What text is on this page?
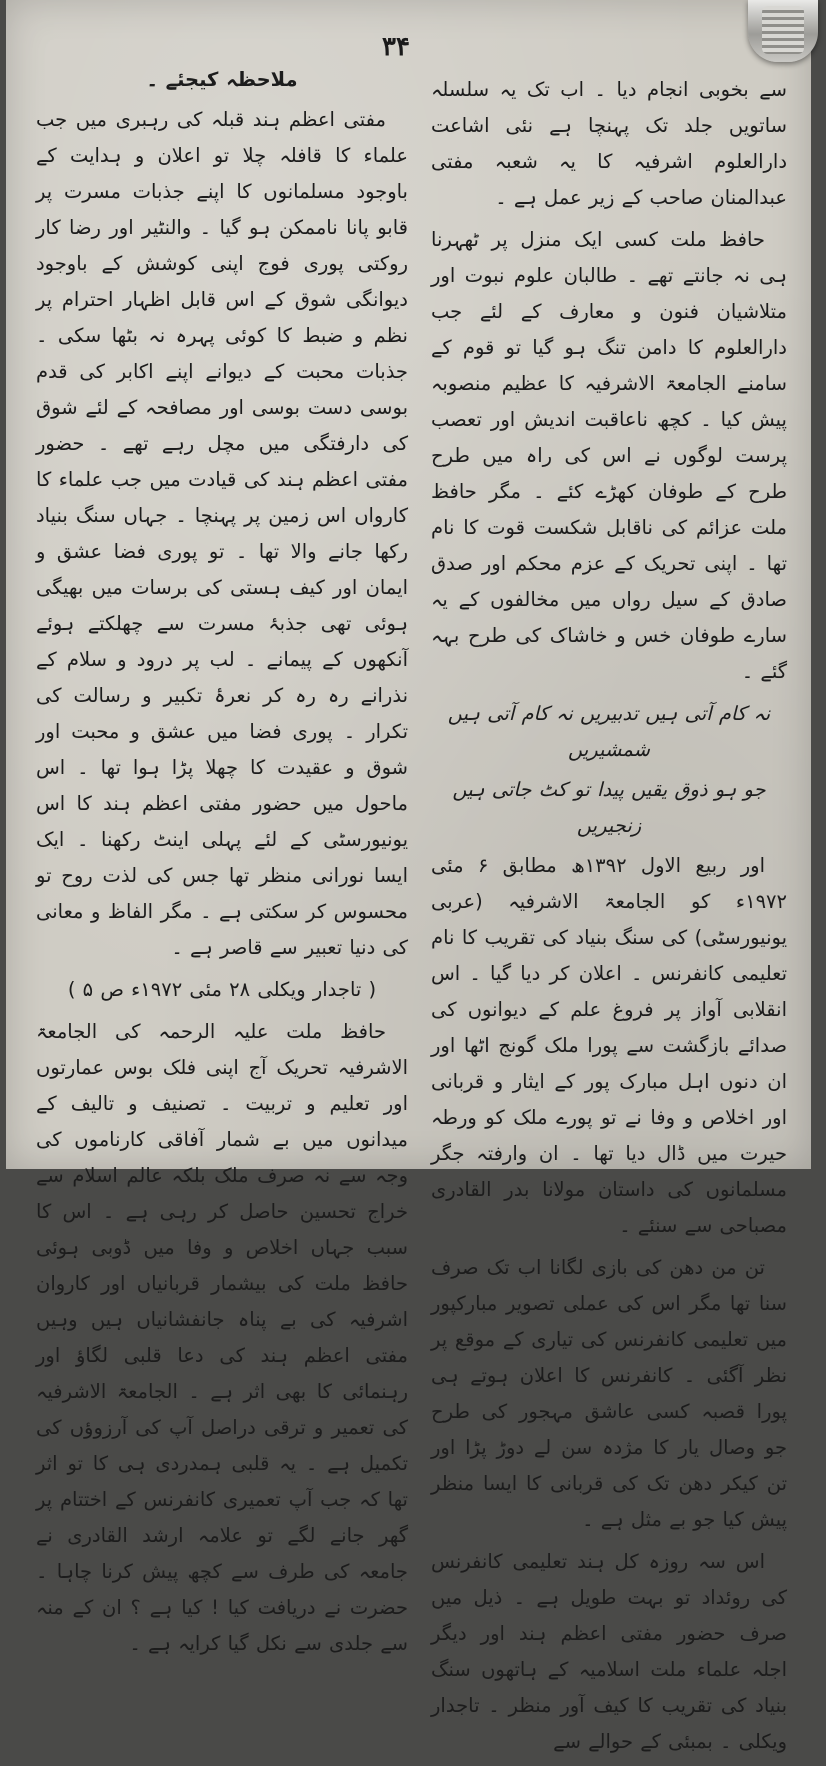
۳۴

سے بخوبی انجام دیا ۔ اب تک یہ سلسلہ ساتویں جلد تک پہنچا ہے نئی اشاعت دارالعلوم اشرفیہ کا یہ شعبہ مفتی عبدالمنان صاحب کے زیر عمل ہے ۔

حافظ ملت کسی ایک منزل پر ٹھہرنا ہی نہ جانتے تھے ۔ طالبان علوم نبوت اور متلاشیان فنون و معارف کے لئے جب دارالعلوم کا دامن تنگ ہو گیا تو قوم کے سامنے الجامعۃ الاشرفیہ کا عظیم منصوبہ پیش کیا ۔ کچھ ناعاقبت اندیش اور تعصب پرست لوگوں نے اس کی راہ میں طرح طرح کے طوفان کھڑے کئے ۔ مگر حافظ ملت عزائم کی ناقابل شکست قوت کا نام تھا ۔ اپنی تحریک کے عزم محکم اور صدق صادق کے سیل رواں میں مخالفوں کے یہ سارے طوفان خس و خاشاک کی طرح بہہ گئے ۔

نہ کام آتی ہیں تدبیریں نہ کام آتی ہیں شمشیریں

جو ہو ذوق یقیں پیدا تو کٹ جاتی ہیں زنجیریں

اور ربیع الاول ۱۳۹۲ھ مطابق ۶ مئی ۱۹۷۲ء کو الجامعۃ الاشرفیہ (عربی یونیورسٹی) کی سنگ بنیاد کی تقریب کا نام تعلیمی کانفرنس ۔ اعلان کر دیا گیا ۔ اس انقلابی آواز پر فروغ علم کے دیوانوں کی صدائے بازگشت سے پورا ملک گونج اٹھا اور ان دنوں اہل مبارک پور کے ایثار و قربانی اور اخلاص و وفا نے تو پورے ملک کو ورطہ حیرت میں ڈال دیا تھا ۔ ان وارفتہ جگر مسلمانوں کی داستان مولانا بدر القادری مصباحی سے سنئے ۔

تن من دھن کی بازی لگانا اب تک صرف سنا تھا مگر اس کی عملی تصویر مبارکپور میں تعلیمی کانفرنس کی تیاری کے موقع پر نظر آگئی ۔ کانفرنس کا اعلان ہوتے ہی پورا قصبہ کسی عاشق مہجور کی طرح جو وصال یار کا مژدہ سن لے دوڑ پڑا اور تن کیکر دھن تک کی قربانی کا ایسا منظر پیش کیا جو بے مثل ہے ۔

اس سہ روزہ کل ہند تعلیمی کانفرنس کی روئداد تو بہت طویل ہے ۔ ذیل میں صرف حضور مفتی اعظم ہند اور دیگر اجلہ علماء ملت اسلامیہ کے ہاتھوں سنگ بنیاد کی تقریب کا کیف آور منظر ۔ تاجدار ویکلی ۔ بمبئی کے حوالے سے

ملاحظہ کیجئے ۔

مفتی اعظم ہند قبلہ کی رہبری میں جب علماء کا قافلہ چلا تو اعلان و ہدایت کے باوجود مسلمانوں کا اپنے جذبات مسرت پر قابو پانا ناممکن ہو گیا ۔ والنٹیر اور رضا کار روکتی پوری فوج اپنی کوشش کے باوجود دیوانگی شوق کے اس قابل اظہار احترام پر نظم و ضبط کا کوئی پہرہ نہ بٹھا سکی ۔ جذبات محبت کے دیوانے اپنے اکابر کی قدم بوسی دست بوسی اور مصافحہ کے لئے شوق کی دارفتگی میں مچل رہے تھے ۔ حضور مفتی اعظم ہند کی قیادت میں جب علماء کا کارواں اس زمین پر پہنچا ۔ جہاں سنگ بنیاد رکھا جانے والا تھا ۔ تو پوری فضا عشق و ایمان اور کیف ہستی کی برسات میں بھیگی ہوئی تھی جذبۂ مسرت سے چھلکتے ہوئے آنکھوں کے پیمانے ۔ لب پر درود و سلام کے نذرانے رہ رہ کر نعرۂ تکبیر و رسالت کی تکرار ۔ پوری فضا میں عشق و محبت اور شوق و عقیدت کا چھلا پڑا ہوا تھا ۔ اس ماحول میں حضور مفتی اعظم ہند کا اس یونیورسٹی کے لئے پہلی اینٹ رکھنا ۔ ایک ایسا نورانی منظر تھا جس کی لذت روح تو محسوس کر سکتی ہے ۔ مگر الفاظ و معانی کی دنیا تعبیر سے قاصر ہے ۔

( تاجدار ویکلی ۲۸ مئی ۱۹۷۲ء ص ۵ )

حافظ ملت علیہ الرحمہ کی الجامعۃ الاشرفیہ تحریک آج اپنی فلک بوس عمارتوں اور تعلیم و تربیت ۔ تصنیف و تالیف کے میدانوں میں بے شمار آفاقی کارناموں کی وجہ سے نہ صرف ملک بلکہ عالم اسلام سے خراج تحسین حاصل کر رہی ہے ۔ اس کا سبب جہاں اخلاص و وفا میں ڈوبی ہوئی حافظ ملت کی بیشمار قربانیاں اور کاروان اشرفیہ کی بے پناہ جانفشانیاں ہیں وہیں مفتی اعظم ہند کی دعا قلبی لگاؤ اور رہنمائی کا بھی اثر ہے ۔ الجامعۃ الاشرفیہ کی تعمیر و ترقی دراصل آپ کی آرزوؤں کی تکمیل ہے ۔ یہ قلبی ہمدردی ہی کا تو اثر تھا کہ جب آپ تعمیری کانفرنس کے اختتام پر گھر جانے لگے تو علامہ ارشد القادری نے جامعہ کی طرف سے کچھ پیش کرنا چاہا ۔ حضرت نے دریافت کیا ! کیا ہے ؟ ان کے منہ سے جلدی سے نکل گیا کرایہ ہے ۔
